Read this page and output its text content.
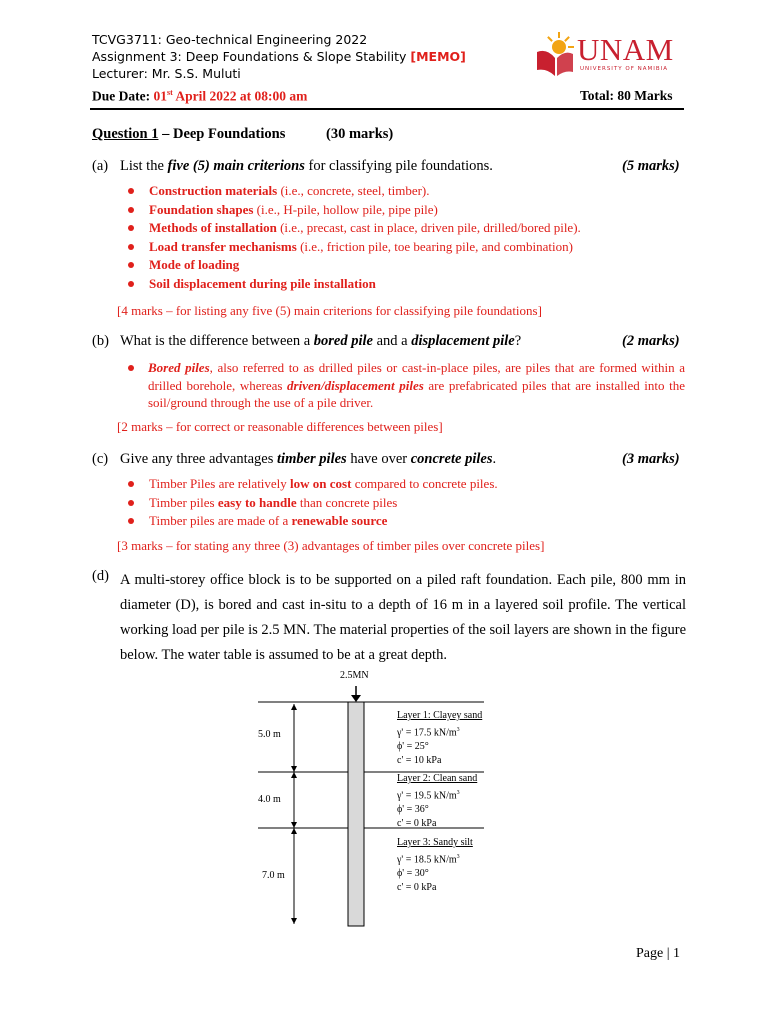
TCVG3711: Geo-technical Engineering 2022
Assignment 3: Deep Foundations & Slope Stability [MEMO]
Lecturer: Mr. S.S. Muluti
UNAM
UNIVERSITY OF NAMIBIA
Due Date: 01st April 2022 at 08:00 am	Total: 80 Marks
Question 1 – Deep Foundations	(30 marks)
(a) List the five (5) main criterions for classifying pile foundations.	(5 marks)
Construction materials (i.e., concrete, steel, timber).
Foundation shapes (i.e., H-pile, hollow pile, pipe pile)
Methods of installation (i.e., precast, cast in place, driven pile, drilled/bored pile).
Load transfer mechanisms (i.e., friction pile, toe bearing pile, and combination)
Mode of loading
Soil displacement during pile installation
[4 marks – for listing any five (5) main criterions for classifying pile foundations]
(b) What is the difference between a bored pile and a displacement pile?	(2 marks)
Bored piles, also referred to as drilled piles or cast-in-place piles, are piles that are formed within a drilled borehole, whereas driven/displacement piles are prefabricated piles that are installed into the soil/ground through the use of a pile driver.
[2 marks – for correct or reasonable differences between piles]
(c) Give any three advantages timber piles have over concrete piles.	(3 marks)
Timber Piles are relatively low on cost compared to concrete piles.
Timber piles easy to handle than concrete piles
Timber piles are made of a renewable source
[3 marks – for stating any three (3) advantages of timber piles over concrete piles]
(d) A multi-storey office block is to be supported on a piled raft foundation. Each pile, 800 mm in diameter (D), is bored and cast in-situ to a depth of 16 m in a layered soil profile. The vertical working load per pile is 2.5 MN. The material properties of the soil layers are shown in the figure below. The water table is assumed to be at a great depth.
2.5MN
5.0 m
4.0 m
7.0 m
Layer 1: Clayey sand
γ' = 17.5 $kN/m^3$
ϕ' = 25°
c' = 10 kPa
Layer 2: Clean sand
γ' = 19.5 $kN/m^3$
ϕ' = 36°
c' = 0 kPa
Layer 3: Sandy silt
γ' = 18.5 $kN/m^3$
ϕ' = 30°
c' = 0 kPa
Page | 1
